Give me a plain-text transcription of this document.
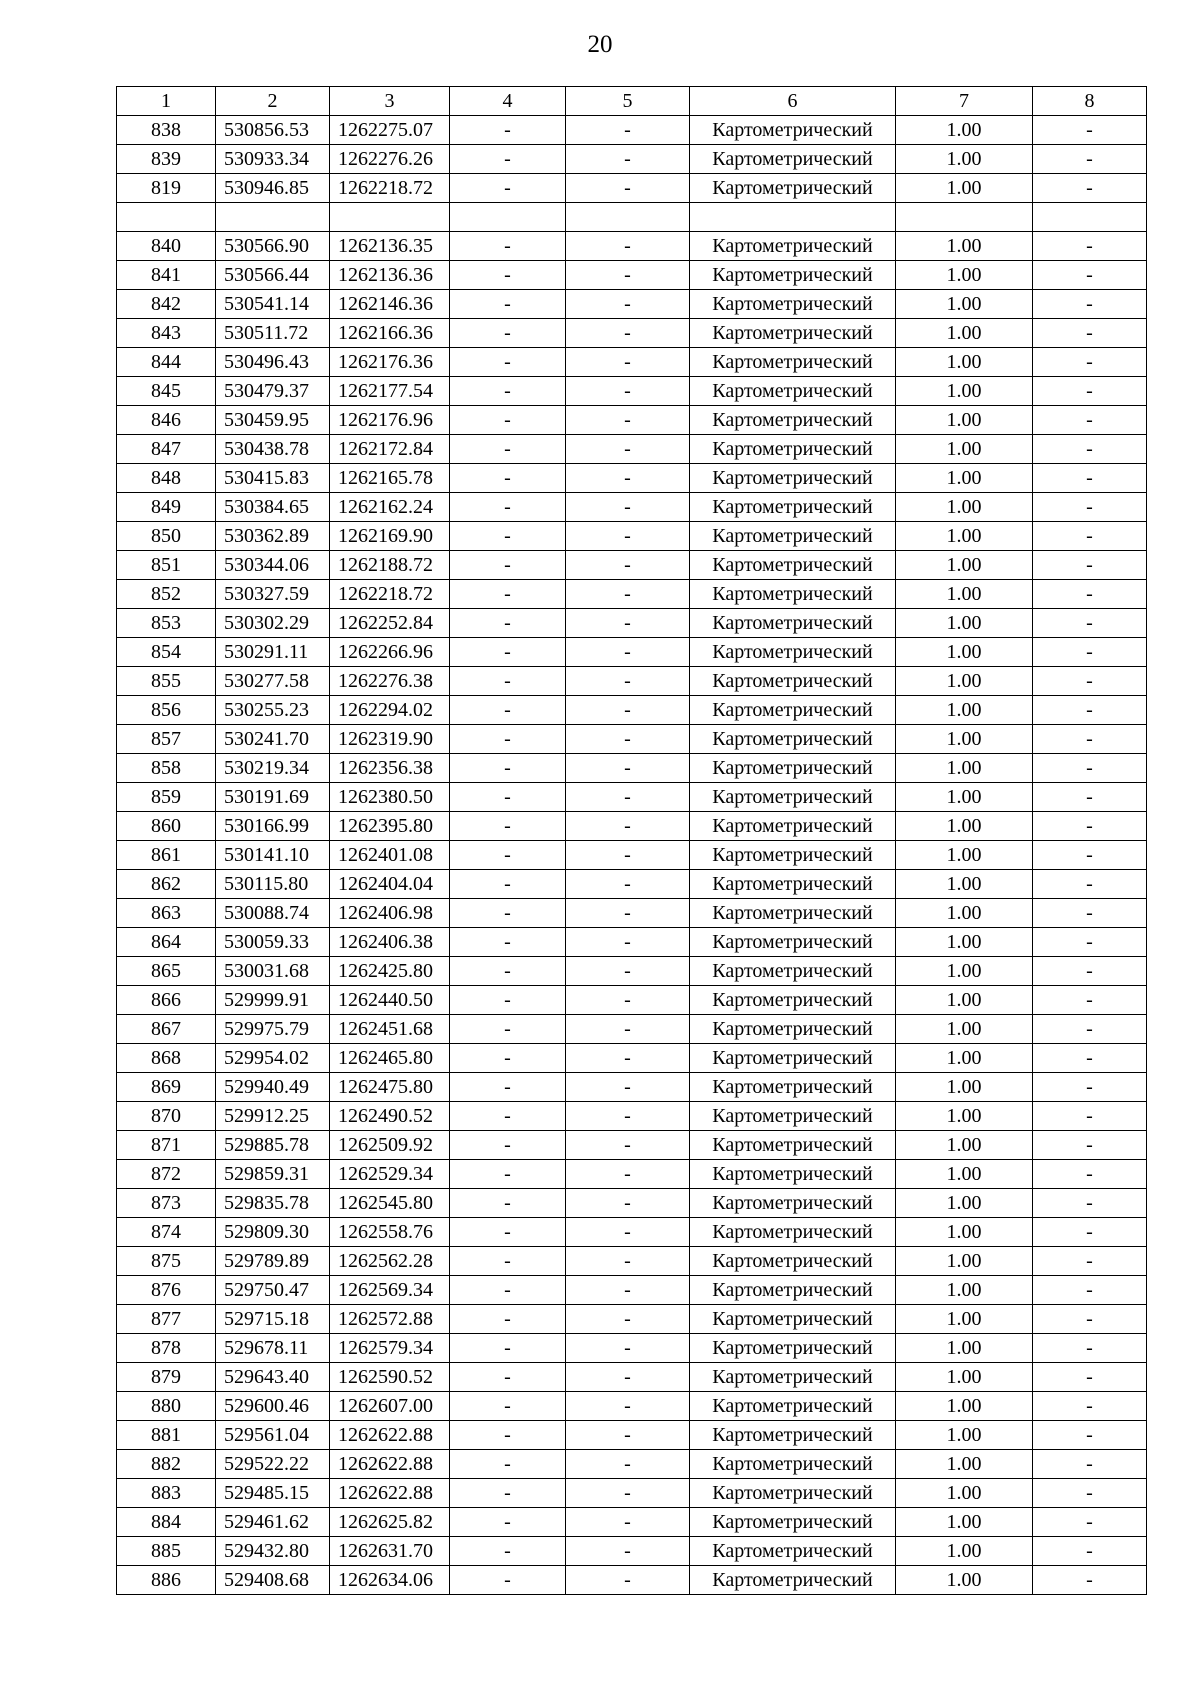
20
1	2	3	4	5	6	7	8
838	530856.53	1262275.07	-	-	Картометрический	1.00	-
839	530933.34	1262276.26	-	-	Картометрический	1.00	-
819	530946.85	1262218.72	-	-	Картометрический	1.00	-

840	530566.90	1262136.35	-	-	Картометрический	1.00	-
841	530566.44	1262136.36	-	-	Картометрический	1.00	-
842	530541.14	1262146.36	-	-	Картометрический	1.00	-
843	530511.72	1262166.36	-	-	Картометрический	1.00	-
844	530496.43	1262176.36	-	-	Картометрический	1.00	-
845	530479.37	1262177.54	-	-	Картометрический	1.00	-
846	530459.95	1262176.96	-	-	Картометрический	1.00	-
847	530438.78	1262172.84	-	-	Картометрический	1.00	-
848	530415.83	1262165.78	-	-	Картометрический	1.00	-
849	530384.65	1262162.24	-	-	Картометрический	1.00	-
850	530362.89	1262169.90	-	-	Картометрический	1.00	-
851	530344.06	1262188.72	-	-	Картометрический	1.00	-
852	530327.59	1262218.72	-	-	Картометрический	1.00	-
853	530302.29	1262252.84	-	-	Картометрический	1.00	-
854	530291.11	1262266.96	-	-	Картометрический	1.00	-
855	530277.58	1262276.38	-	-	Картометрический	1.00	-
856	530255.23	1262294.02	-	-	Картометрический	1.00	-
857	530241.70	1262319.90	-	-	Картометрический	1.00	-
858	530219.34	1262356.38	-	-	Картометрический	1.00	-
859	530191.69	1262380.50	-	-	Картометрический	1.00	-
860	530166.99	1262395.80	-	-	Картометрический	1.00	-
861	530141.10	1262401.08	-	-	Картометрический	1.00	-
862	530115.80	1262404.04	-	-	Картометрический	1.00	-
863	530088.74	1262406.98	-	-	Картометрический	1.00	-
864	530059.33	1262406.38	-	-	Картометрический	1.00	-
865	530031.68	1262425.80	-	-	Картометрический	1.00	-
866	529999.91	1262440.50	-	-	Картометрический	1.00	-
867	529975.79	1262451.68	-	-	Картометрический	1.00	-
868	529954.02	1262465.80	-	-	Картометрический	1.00	-
869	529940.49	1262475.80	-	-	Картометрический	1.00	-
870	529912.25	1262490.52	-	-	Картометрический	1.00	-
871	529885.78	1262509.92	-	-	Картометрический	1.00	-
872	529859.31	1262529.34	-	-	Картометрический	1.00	-
873	529835.78	1262545.80	-	-	Картометрический	1.00	-
874	529809.30	1262558.76	-	-	Картометрический	1.00	-
875	529789.89	1262562.28	-	-	Картометрический	1.00	-
876	529750.47	1262569.34	-	-	Картометрический	1.00	-
877	529715.18	1262572.88	-	-	Картометрический	1.00	-
878	529678.11	1262579.34	-	-	Картометрический	1.00	-
879	529643.40	1262590.52	-	-	Картометрический	1.00	-
880	529600.46	1262607.00	-	-	Картометрический	1.00	-
881	529561.04	1262622.88	-	-	Картометрический	1.00	-
882	529522.22	1262622.88	-	-	Картометрический	1.00	-
883	529485.15	1262622.88	-	-	Картометрический	1.00	-
884	529461.62	1262625.82	-	-	Картометрический	1.00	-
885	529432.80	1262631.70	-	-	Картометрический	1.00	-
886	529408.68	1262634.06	-	-	Картометрический	1.00	-
